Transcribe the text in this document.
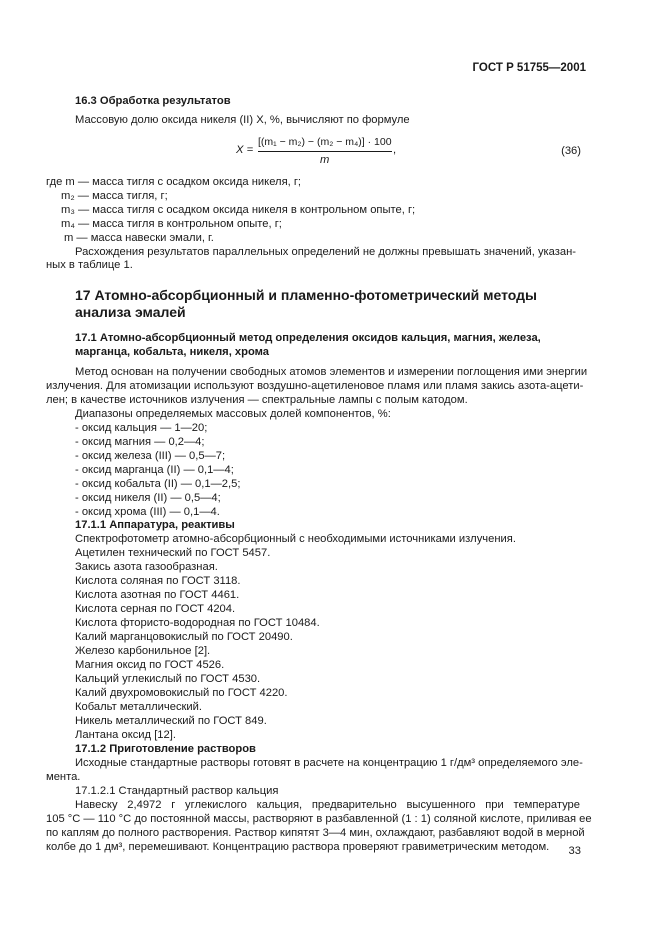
ГОСТ Р 51755—2001
16.3 Обработка результатов
Массовую долю оксида никеля (II) X, %, вычисляют по формуле
X =
[(m₁ − m₂) − (m₂ − m₄)] · 100
m
,	(36)
где m — масса тигля с осадком оксида никеля, г;
m₂ — масса тигля, г;
m₃ — масса тигля с осадком оксида никеля в контрольном опыте, г;
m₄ — масса тигля в контрольном опыте, г;
m — масса навески эмали, г.
Расхождения результатов параллельных определений не должны превышать значений, указан-
ных в таблице 1.
17 Атомно-абсорбционный и пламенно-фотометрический методы
анализа эмалей
17.1 Атомно-абсорбционный метод определения оксидов кальция, магния, железа,
марганца, кобальта, никеля, хрома
Метод основан на получении свободных атомов элементов и измерении поглощения ими энергии
излучения. Для атомизации используют воздушно-ацетиленовое пламя или пламя закись азота-ацети-
лен; в качестве источников излучения — спектральные лампы с полым катодом.
Диапазоны определяемых массовых долей компонентов, %:
- оксид кальция — 1—20;
- оксид магния — 0,2—4;
- оксид железа (III) — 0,5—7;
- оксид марганца (II) — 0,1—4;
- оксид кобальта (II) — 0,1—2,5;
- оксид никеля (II) — 0,5—4;
- оксид хрома (III) — 0,1—4.
17.1.1 Аппаратура, реактивы
Спектрофотометр атомно-абсорбционный с необходимыми источниками излучения.
Ацетилен технический по ГОСТ 5457.
Закись азота газообразная.
Кислота соляная по ГОСТ 3118.
Кислота азотная по ГОСТ 4461.
Кислота серная по ГОСТ 4204.
Кислота фтористо-водородная по ГОСТ 10484.
Калий марганцовокислый по ГОСТ 20490.
Железо карбонильное [2].
Магния оксид по ГОСТ 4526.
Кальций углекислый по ГОСТ 4530.
Калий двухромовокислый по ГОСТ 4220.
Кобальт металлический.
Никель металлический по ГОСТ 849.
Лантана оксид [12].
17.1.2 Приготовление растворов
Исходные стандартные растворы готовят в расчете на концентрацию 1 г/дм³ определяемого эле-
мента.
17.1.2.1 Стандартный раствор кальция
Навеску 2,4972 г углекислого кальция, предварительно высушенного при температуре
105 °С — 110 °С до постоянной массы, растворяют в разбавленной (1 : 1) соляной кислоте, приливая ее
по каплям до полного растворения. Раствор кипятят 3—4 мин, охлаждают, разбавляют водой в мерной
колбе до 1 дм³, перемешивают. Концентрацию раствора проверяют гравиметрическим методом. 33
